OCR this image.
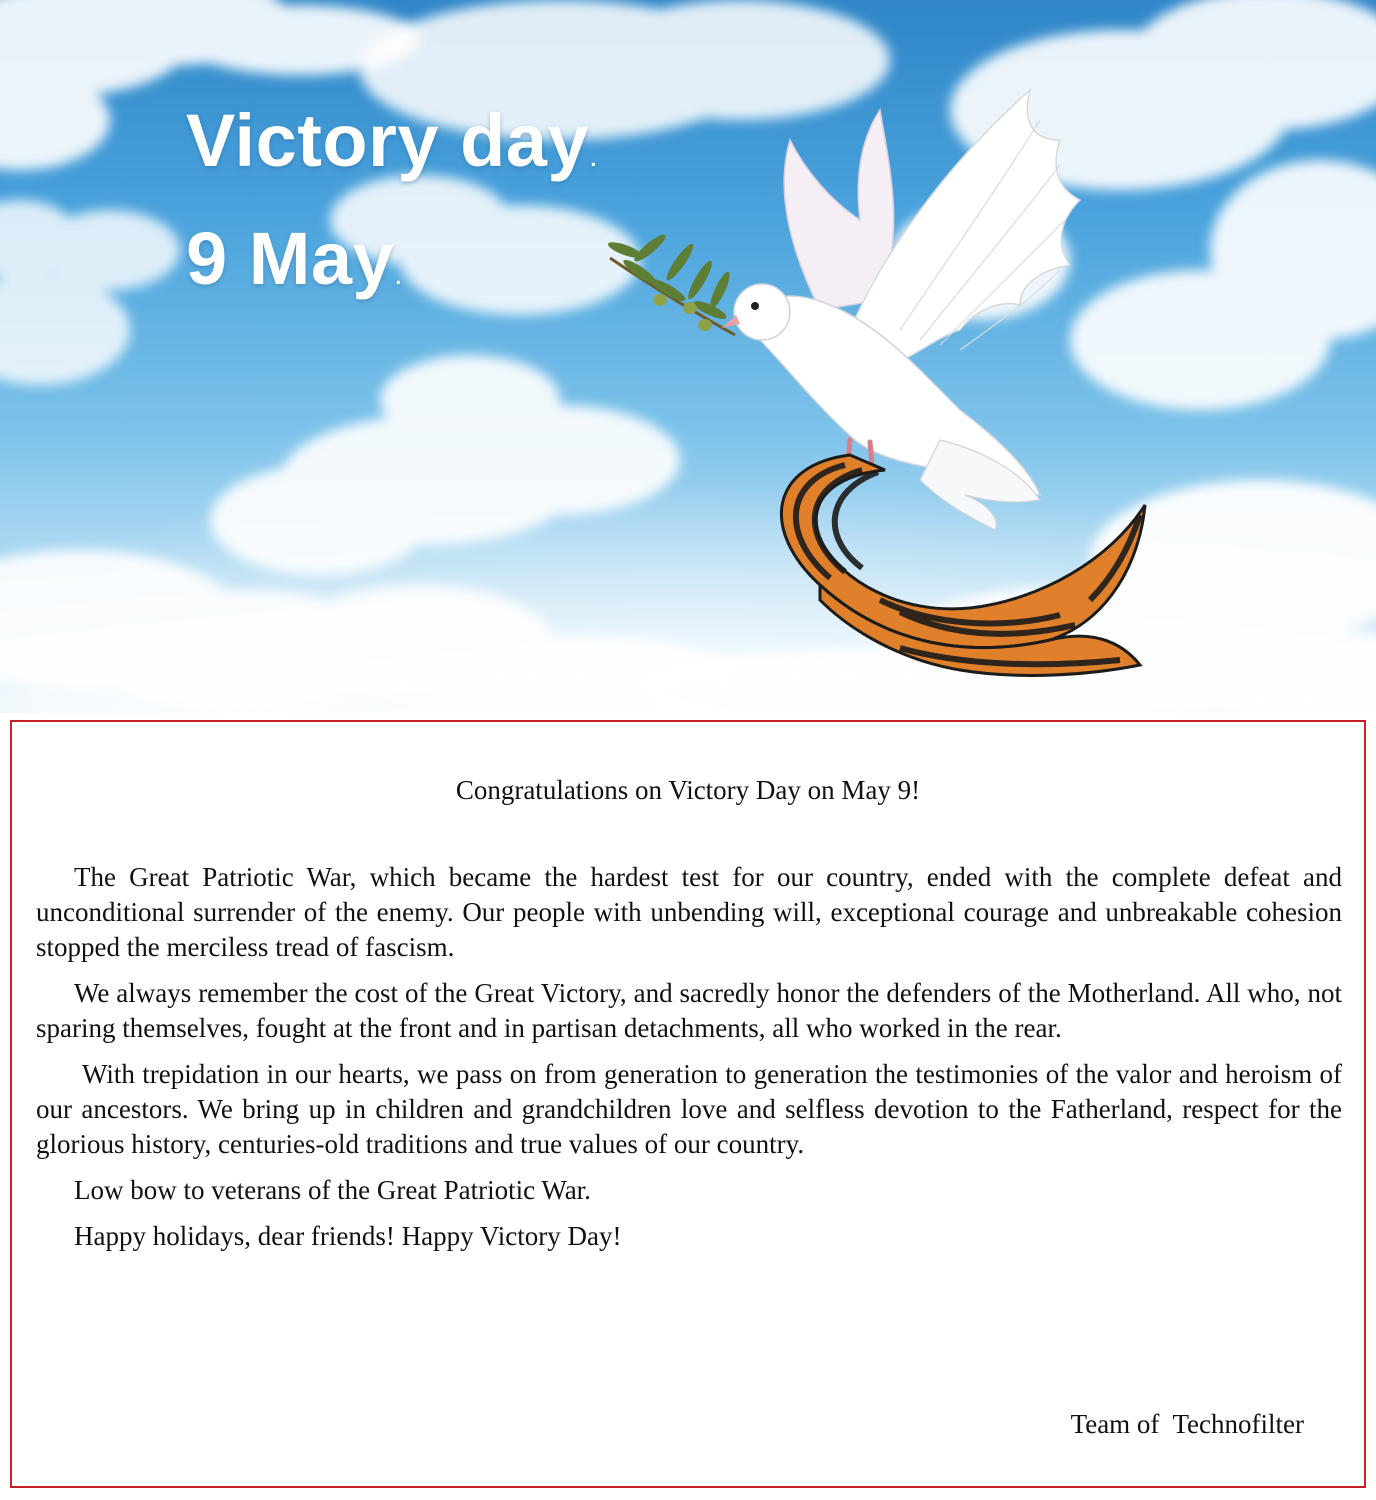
Victory day.
9 May.
Congratulations on Victory Day on May 9!

The Great Patriotic War, which became the hardest test for our country, ended with the complete defeat and unconditional surrender of the enemy. Our people with unbending will, exceptional courage and unbreakable cohesion stopped the merciless tread of fascism.

We always remember the cost of the Great Victory, and sacredly honor the defenders of the Motherland. All who, not sparing themselves, fought at the front and in partisan detachments, all who worked in the rear.

With trepidation in our hearts, we pass on from generation to generation the testimonies of the valor and heroism of our ancestors. We bring up in children and grandchildren love and selfless devotion to the Fatherland, respect for the glorious history, centuries-old traditions and true values of our country.

Low bow to veterans of the Great Patriotic War.

Happy holidays, dear friends! Happy Victory Day!

Team of  Technofilter
